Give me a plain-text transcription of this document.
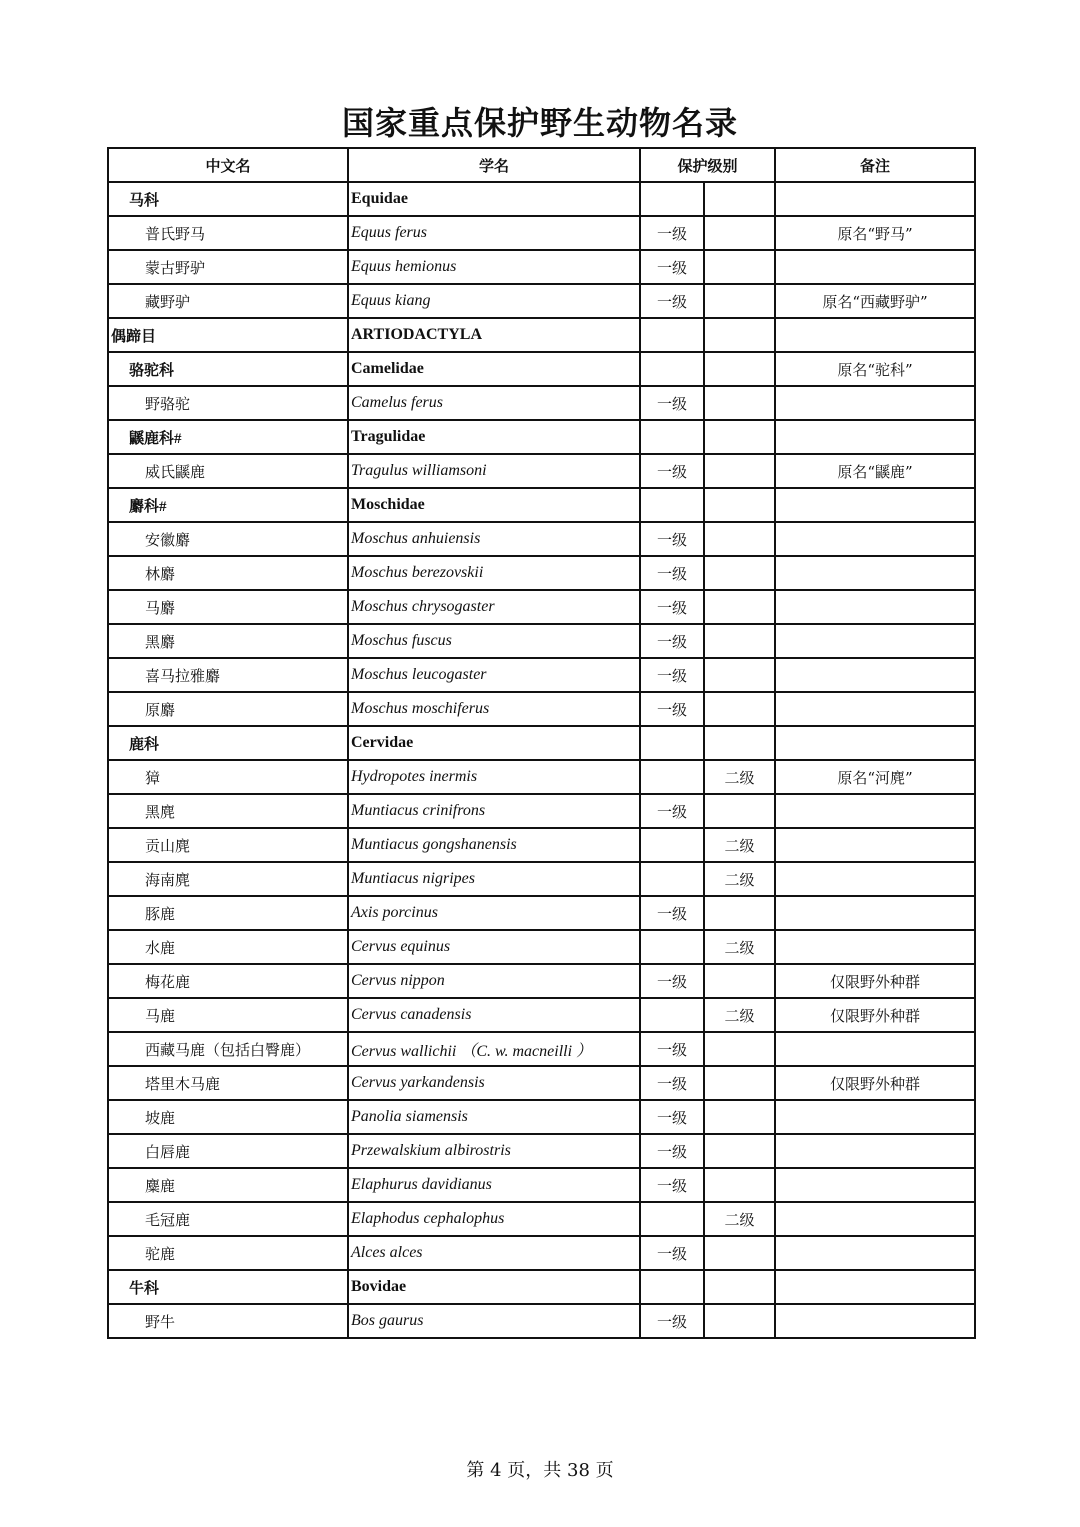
国家重点保护野生动物名录
中文名	学名	保护级别		备注
马科	Equidae			
普氏野马	Equus ferus	一级		原名“野马”
蒙古野驴	Equus hemionus	一级		
藏野驴	Equus kiang	一级		原名“西藏野驴”
偶蹄目	ARTIODACTYLA			
骆驼科	Camelidae			原名“驼科”
野骆驼	Camelus ferus	一级		
鼷鹿科#	Tragulidae			
威氏鼷鹿	Tragulus williamsoni	一级		原名“鼷鹿”
麝科#	Moschidae			
安徽麝	Moschus anhuiensis	一级		
林麝	Moschus berezovskii	一级		
马麝	Moschus chrysogaster	一级		
黑麝	Moschus fuscus	一级		
喜马拉雅麝	Moschus leucogaster	一级		
原麝	Moschus moschiferus	一级		
鹿科	Cervidae			
獐	Hydropotes inermis		二级	原名“河麂”
黑麂	Muntiacus crinifrons	一级		
贡山麂	Muntiacus gongshanensis		二级	
海南麂	Muntiacus nigripes		二级	
豚鹿	Axis porcinus	一级		
水鹿	Cervus equinus		二级	
梅花鹿	Cervus nippon	一级		仅限野外种群
马鹿	Cervus canadensis		二级	仅限野外种群
西藏马鹿（包括白臀鹿）	Cervus wallichii （C. w. macneilli ）	一级		
塔里木马鹿	Cervus yarkandensis	一级		仅限野外种群
坡鹿	Panolia siamensis	一级		
白唇鹿	Przewalskium albirostris	一级		
麋鹿	Elaphurus davidianus	一级		
毛冠鹿	Elaphodus cephalophus		二级	
驼鹿	Alces alces	一级		
牛科	Bovidae			
野牛	Bos gaurus	一级		
第 4 页，共 38 页
